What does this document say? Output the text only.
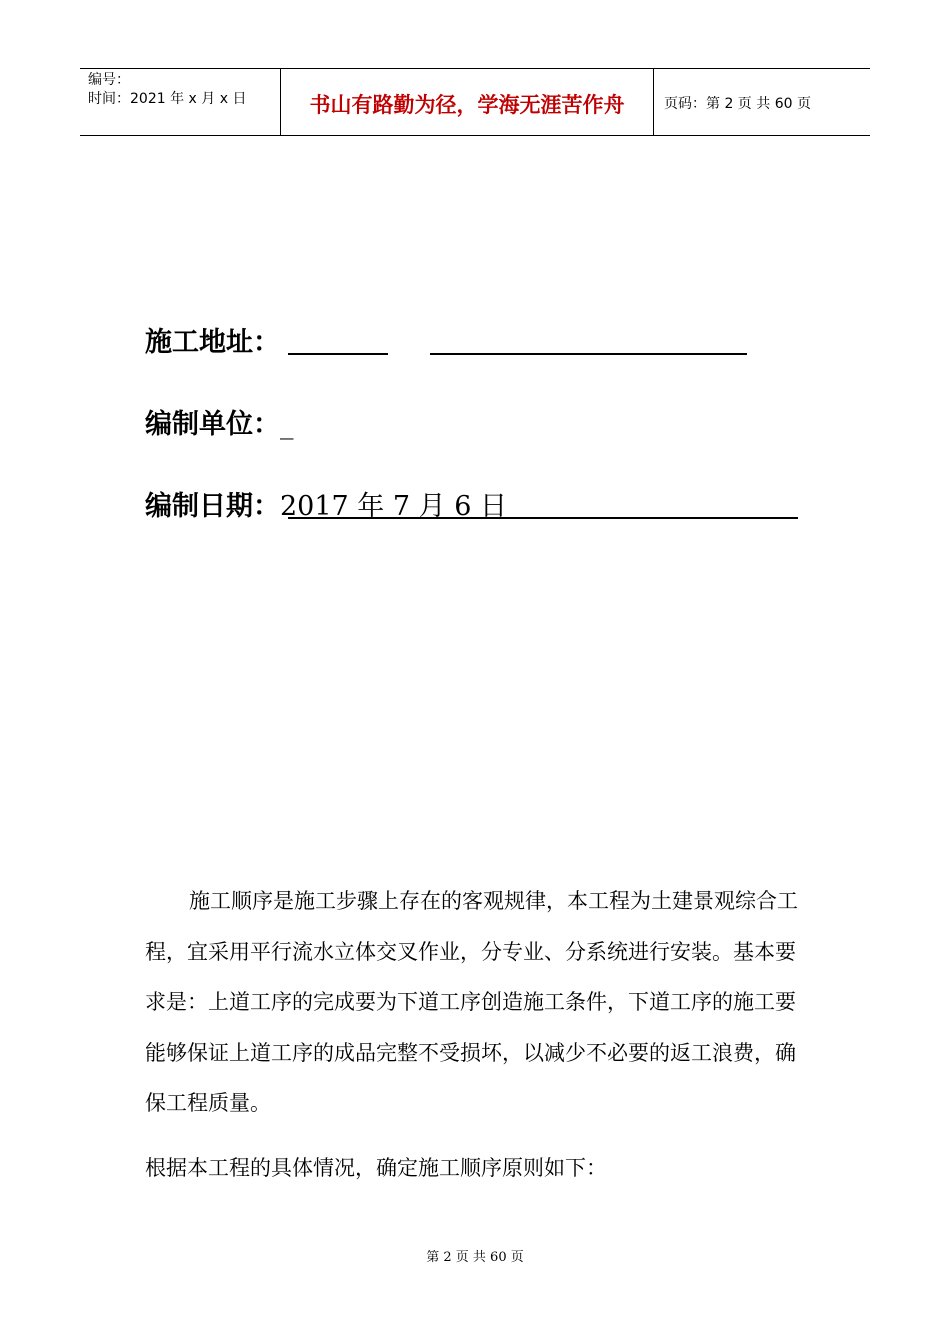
编号：
时间：2021 年 x 月 x 日	书山有路勤为径，学海无涯苦作舟	页码：第 2 页 共 60 页
施工地址：
编制单位：_
编制日期：2017 年 7 月 6 日

施工顺序是施工步骤上存在的客观规律，本工程为土建景观综合工程，宜采用平行流水立体交叉作业，分专业、分系统进行安装。基本要求是：上道工序的完成要为下道工序创造施工条件，下道工序的施工要能够保证上道工序的成品完整不受损坏，以减少不必要的返工浪费，确保工程质量。

根据本工程的具体情况，确定施工顺序原则如下：

第 2 页 共 60 页
